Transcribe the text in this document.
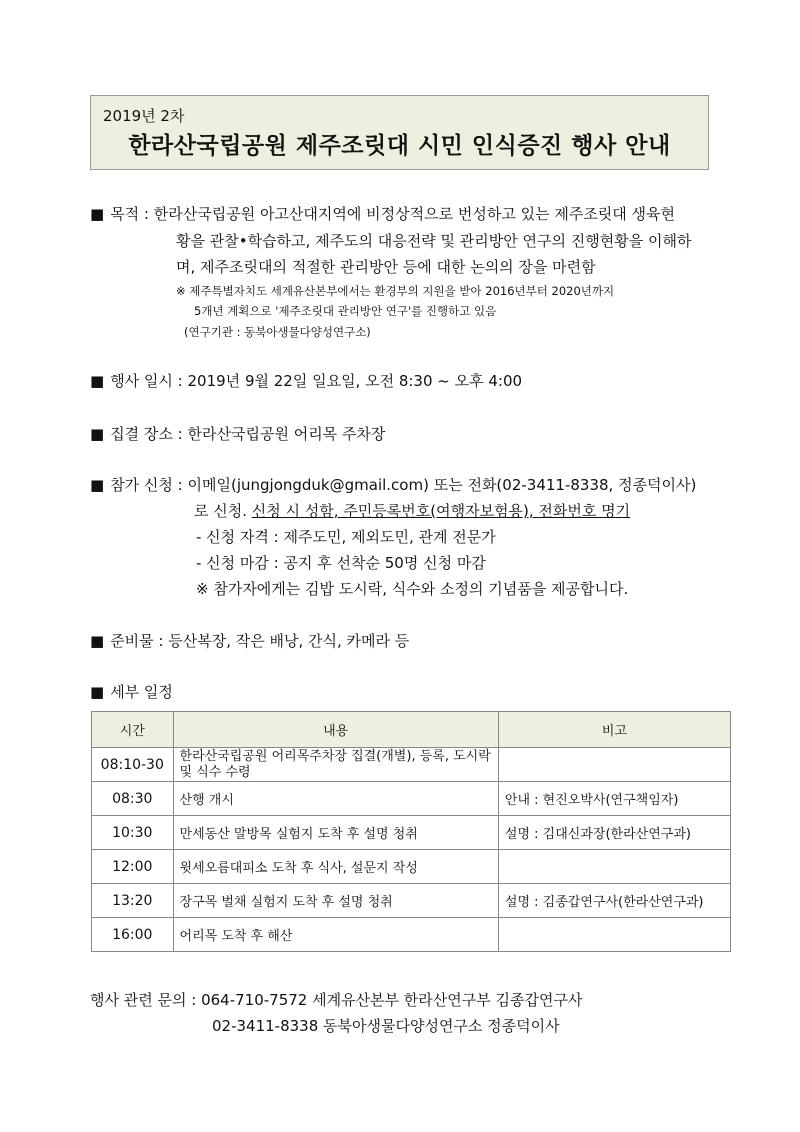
2019년 2차
한라산국립공원 제주조릿대 시민 인식증진 행사 안내
■ 목적 : 한라산국립공원 아고산대지역에 비정상적으로 번성하고 있는 제주조릿대 생육현
황을 관찰•학습하고, 제주도의 대응전략 및 관리방안 연구의 진행현황을 이해하
며, 제주조릿대의 적절한 관리방안 등에 대한 논의의 장을 마련함
※ 제주특별자치도 세계유산본부에서는 환경부의 지원을 받아 2016년부터 2020년까지
5개년 계획으로 '제주조릿대 관리방안 연구'를 진행하고 있음
(연구기관 : 동북아생물다양성연구소)
■ 행사 일시 : 2019년 9월 22일 일요일, 오전 8:30 ~ 오후 4:00
■ 집결 장소 : 한라산국립공원 어리목 주차장
■ 참가 신청 : 이메일(jungjongduk@gmail.com) 또는 전화(02-3411-8338, 정종덕이사)
로 신청. 신청 시 성함, 주민등록번호(여행자보험용), 전화번호 명기
- 신청 자격 : 제주도민, 제외도민, 관계 전문가
- 신청 마감 : 공지 후 선착순 50명 신청 마감
※ 참가자에게는 김밥 도시락, 식수와 소정의 기념품을 제공합니다.
■ 준비물 : 등산복장, 작은 배낭, 간식, 카메라 등
■ 세부 일정
시간	내용	비고
08:10-30	한라산국립공원 어리목주차장 집결(개별), 등록, 도시락 및 식수 수령	
08:30	산행 개시	안내 : 현진오박사(연구책임자)
10:30	만세동산 말방목 실험지 도착 후 설명 청취	설명 : 김대신과장(한라산연구과)
12:00	윗세오름대피소 도착 후 식사, 설문지 작성	
13:20	장구목 벌채 실험지 도착 후 설명 청취	설명 : 김종갑연구사(한라산연구과)
16:00	어리목 도착 후 해산	
행사 관련 문의 : 064-710-7572 세계유산본부 한라산연구부 김종갑연구사
02-3411-8338 동북아생물다양성연구소 정종덕이사
